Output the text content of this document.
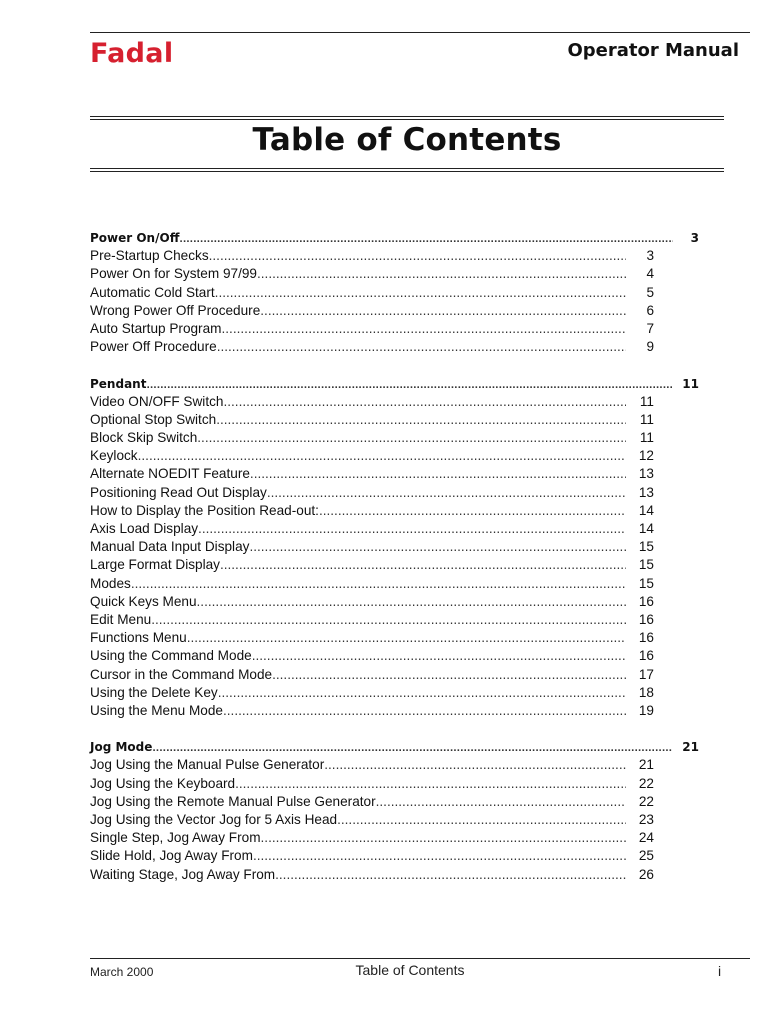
Fadal	Operator Manual
Table of Contents
Power On/Off .....	3
Pre-Startup Checks .....	3
Power On for System 97/99 .....	4
Automatic Cold Start .....	5
Wrong Power Off Procedure .....	6
Auto Startup Program .....	7
Power Off Procedure .....	9
Pendant .....	11
Video ON/OFF Switch .....	11
Optional Stop Switch .....	11
Block Skip Switch .....	11
Keylock .....	12
Alternate NOEDIT Feature .....	13
Positioning Read Out Display .....	13
How to Display the Position Read-out: .....	14
Axis Load Display .....	14
Manual Data Input Display .....	15
Large Format Display .....	15
Modes .....	15
Quick Keys Menu .....	16
Edit Menu .....	16
Functions Menu .....	16
Using the Command Mode .....	16
Cursor in the Command Mode .....	17
Using the Delete Key .....	18
Using the Menu Mode .....	19
Jog Mode .....	21
Jog Using the Manual Pulse Generator .....	21
Jog Using the Keyboard .....	22
Jog Using the Remote Manual Pulse Generator .....	22
Jog Using the Vector Jog for 5 Axis Head .....	23
Single Step, Jog Away From .....	24
Slide Hold, Jog Away From .....	25
Waiting Stage, Jog Away From .....	26
March 2000	Table of Contents	i
